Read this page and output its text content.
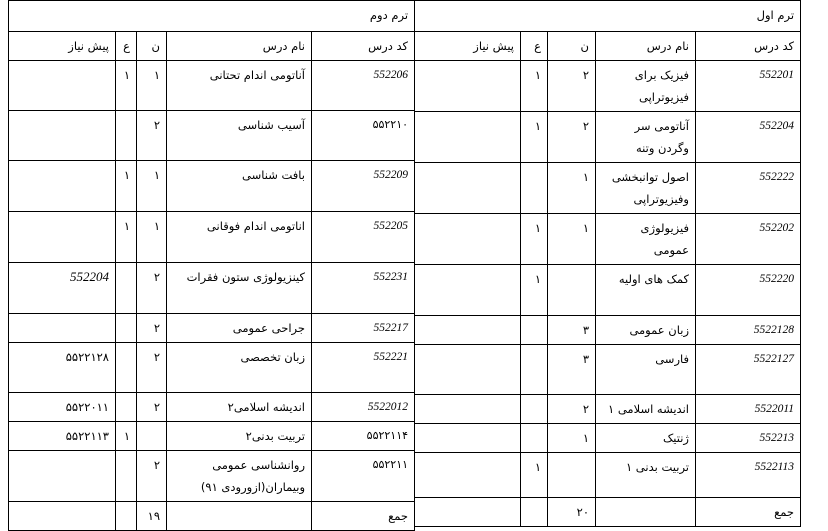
ترم دوم				
پیش نیاز	ع	ن	نام درس	کد درس
	۱	۱	آناتومی اندام تحتانی	552206
		۲	آسیب شناسی	۵۵۲۲۱۰
	۱	۱	بافت شناسی	552209
	۱	۱	اناتومی اندام فوقانی	552205
552204		۲	کینزیولوژی ستون فقرات	552231
		۲	جراحی عمومی	552217
۵۵۲۲۱۲۸		۲	زبان تخصصی	552221
۵۵۲۲۰۱۱		۲	اندیشه اسلامی۲	5522012
۵۵۲۲۱۱۳	۱		تربیت بدنی۲	۵۵۲۲۱۱۴
		۲	روانشناسی عمومی وبیماران(ازورودی ۹۱)	۵۵۲۲۱۱
		۱۹		جمع
ترم اول				
پیش نیاز	ع	ن	نام درس	کد درس
	۱	۲	فیزیک برای فیزیوتراپی	552201
	۱	۲	آناتومی سر وگردن وتنه	552204
		۱	اصول توانبخشی وفیزیوتراپی	552222
	۱	۱	فیزیولوژی عمومی	552202
	۱		کمک های اولیه	552220
		۳	زبان عمومی	5522128
		۳	فارسی	5522127
		۲	اندیشه اسلامی ۱	5522011
		۱	ژنتیک	552213
	۱		تربیت بدنی ۱	5522113
		۲۰		جمع
